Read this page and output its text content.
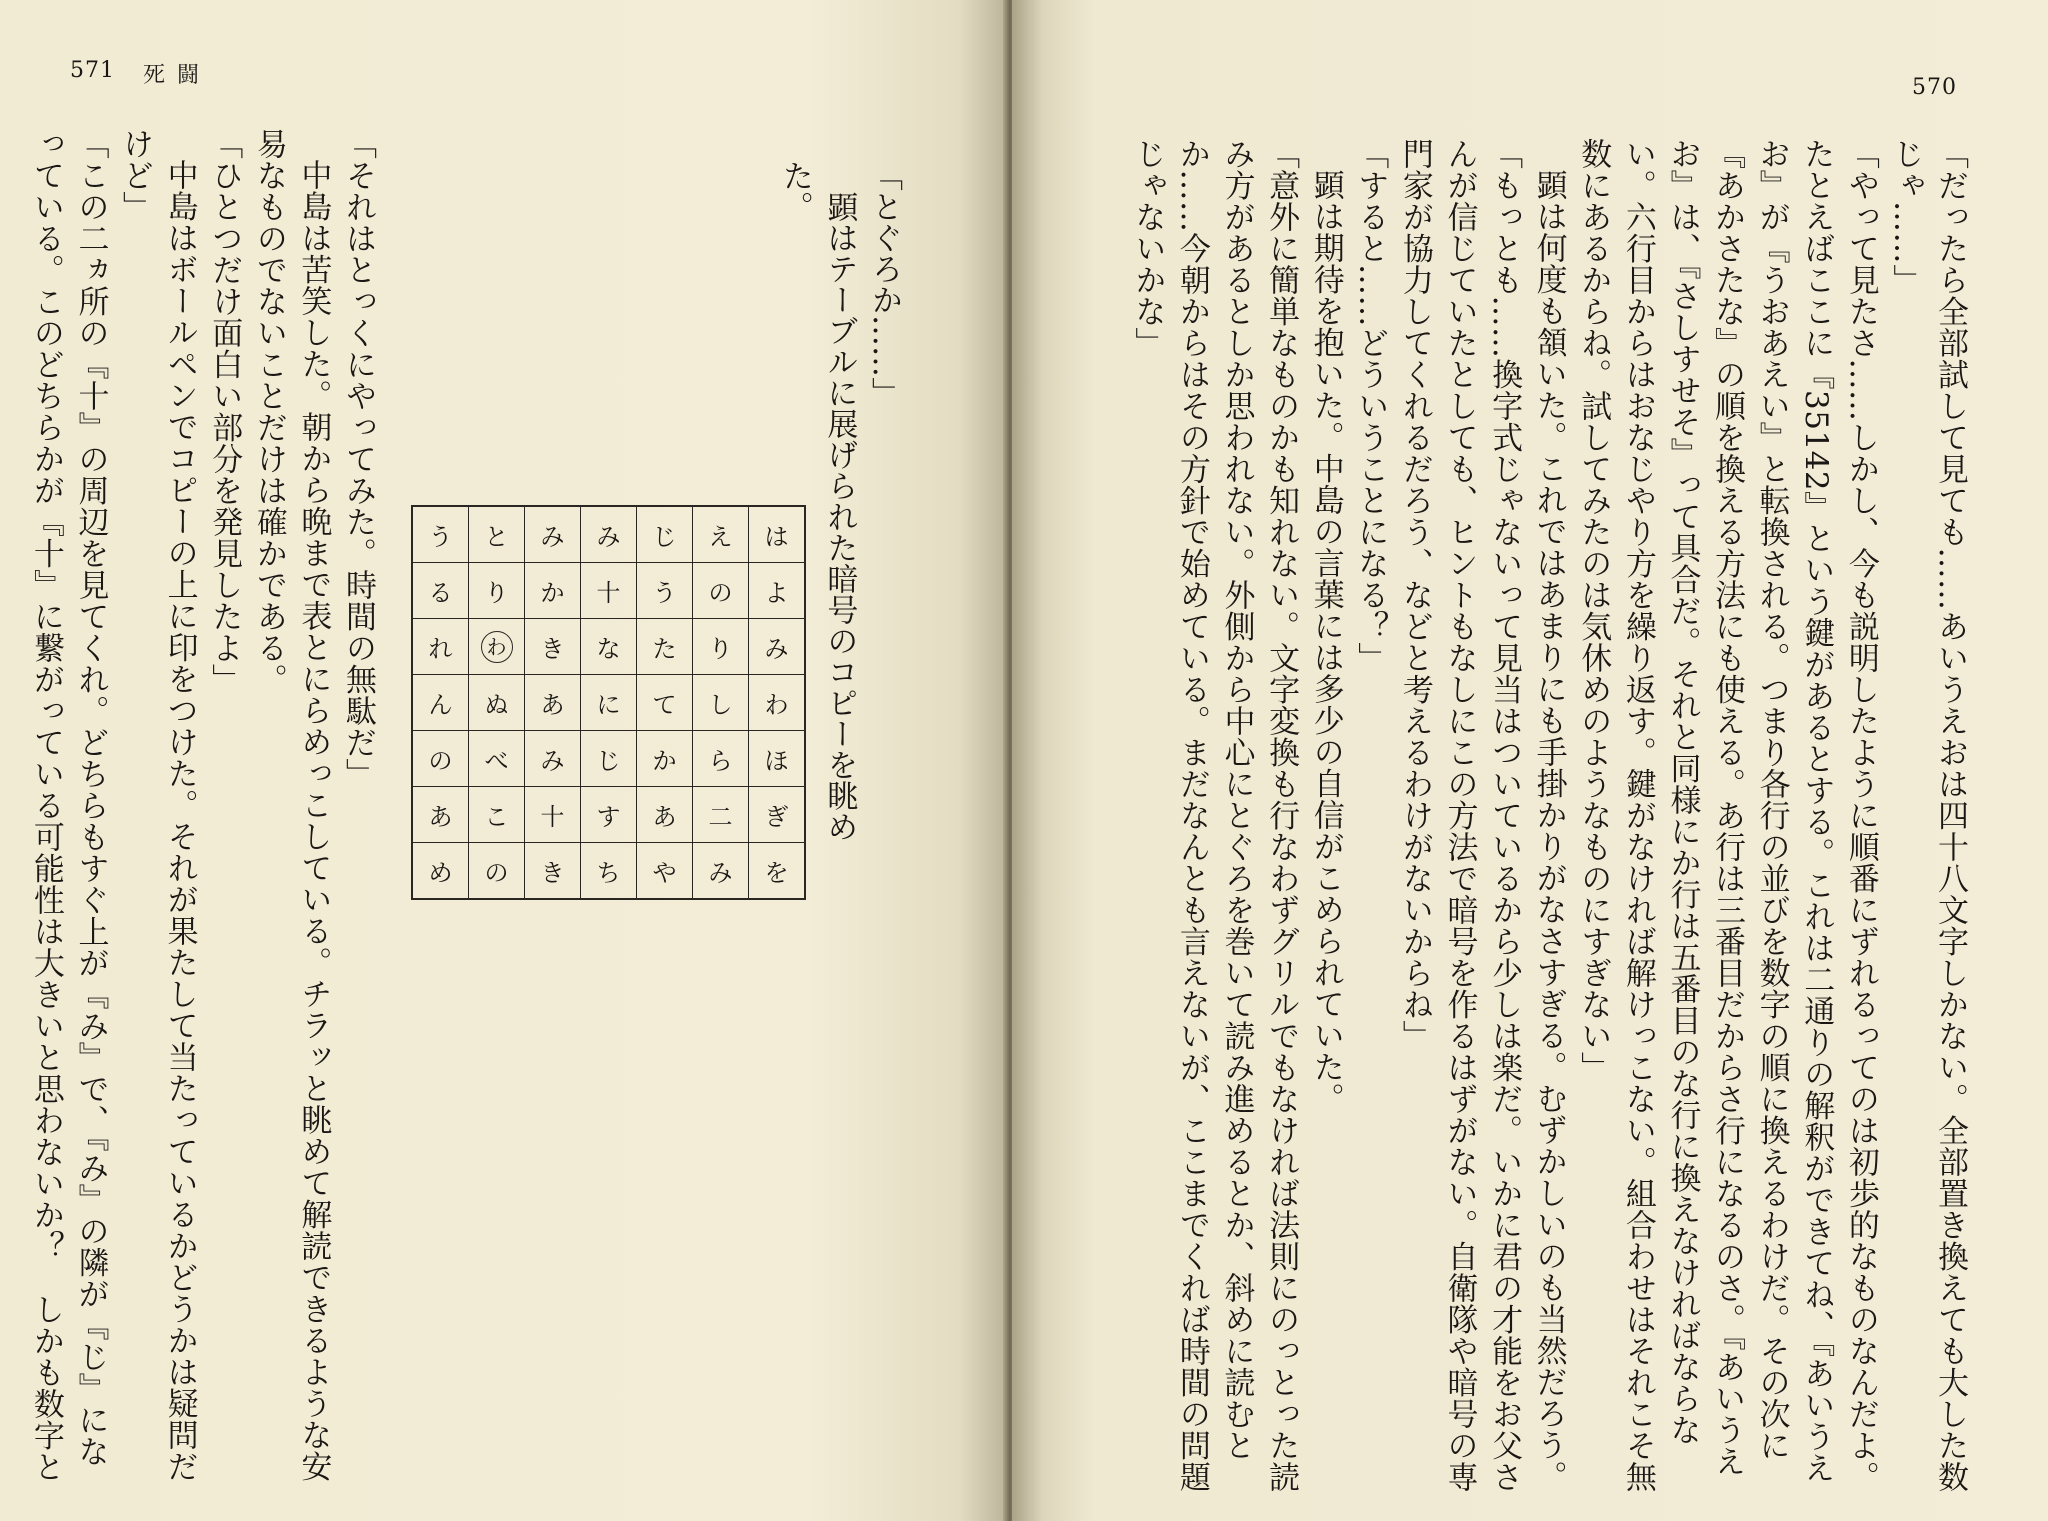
571 死闘

「とぐろか……」

顕はテーブルに展げられた暗号のコピーを眺めた。

う	と	み	み	じ	え	は
る	り	か	十	う	の	よ
れ	わ	き	な	た	り	み
ん	ぬ	あ	に	て	し	わ
の	べ	み	じ	か	ら	ほ
あ	こ	十	す	あ	二	ぎ
め	の	き	ち	や	み	を

「それはとっくにやってみた。時間の無駄だ」

中島は苦笑した。朝から晩まで表とにらめっこしている。チラッと眺めて解読できるような安易なものでないことだけは確かである。

「ひとつだけ面白い部分を発見したよ」

中島はボールペンでコピーの上に印をつけた。それが果たして当たっているかどうかは疑問だけど」

「この二ヵ所の『十』の周辺を見てくれ。どちらもすぐ上が『み』で、『み』の隣が『じ』になっている。このどちらかが『十』に繋がっている可能性は大きいと思わないか？　しかも数字と

570

「だったら全部試して見ても……あいうえおは四十八文字しかない。全部置き換えても大した数じゃ……」

「やって見たさ……しかし、今も説明したように順番にずれるってのは初歩的なものなんだよ。たとえばここに『35142』という鍵があるとする。これは二通りの解釈ができてね、『あいうえお』が『うおあえい』と転換される。つまり各行の並びを数字の順に換えるわけだ。その次に『あかさたな』の順を換える方法にも使える。あ行は三番目だからさ行になるのさ。『あいうえお』は、『さしすせそ』って具合だ。それと同様にか行は五番目のな行に換えなければならない。六行目からはおなじやり方を繰り返す。鍵がなければ解けっこない。組合わせはそれこそ無数にあるからね。試してみたのは気休めのようなものにすぎない」

顕は何度も頷いた。これではあまりにも手掛かりがなさすぎる。むずかしいのも当然だろう。

「もっとも……換字式じゃないって見当はついているから少しは楽だ。いかに君の才能をお父さんが信じていたとしても、ヒントもなしにこの方法で暗号を作るはずがない。自衛隊や暗号の専門家が協力してくれるだろう、などと考えるわけがないからね」

「すると……どういうことになる？」

顕は期待を抱いた。中島の言葉には多少の自信がこめられていた。

「意外に簡単なものかも知れない。文字変換も行なわずグリルでもなければ法則にのっとった読み方があるとしか思われない。外側から中心にとぐろを巻いて読み進めるとか、斜めに読むとか……今朝からはその方針で始めている。まだなんとも言えないが、ここまでくれば時間の問題じゃないかな」
